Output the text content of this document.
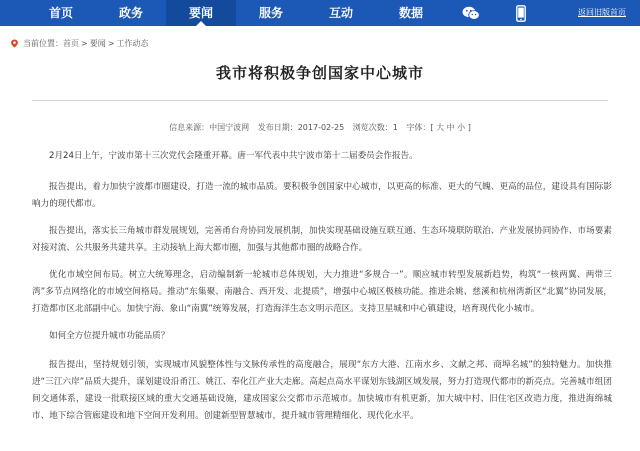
首页	政务	要闻	服务	互动	数据	返回旧版首页
当前位置： 首页 > 要闻 > 工作动态
我市将积极争创国家中心城市
信息来源：中国宁波网 发布日期：2017-02-25 浏览次数：1 字体：[ 大 中 小 ]

2月24日上午，宁波市第十三次党代会隆重开幕。唐一军代表中共宁波市第十二届委员会作报告。

报告提出，着力加快宁波都市圈建设，打造一流的城市品质。要积极争创国家中心城市，以更高的标准、更大的气魄、更高的品位，建设具有国际影响力的现代都市。

报告提出，落实长三角城市群发展规划，完善甬台舟协同发展机制，加快实现基础设施互联互通、生态环境联防联治、产业发展协同协作、市场要素对接对流、公共服务共建共享。主动接轨上海大都市圈，加强与其他都市圈的战略合作。

优化市域空间布局。树立大统筹理念，启动编制新一轮城市总体规划，大力推进“多规合一”。顺应城市转型发展新趋势，构筑“一核两翼、两带三湾”多节点网络化的市域空间格局。推动“东集聚、南融合、西开发、北提质”，增强中心城区极核功能。推进余姚、慈溪和杭州湾新区“北翼”协同发展，打造都市区北部副中心。加快宁海、象山“南翼”统筹发展，打造海洋生态文明示范区。支持卫星城和中心镇建设，培育现代化小城市。

如何全方位提升城市功能品质？

报告提出，坚持规划引领，实现城市风貌整体性与文脉传承性的高度融合，展现“东方大港、江南水乡、文献之邦、商埠名城”的独特魅力。加快推进“三江六岸”品质大提升，谋划建设沿甬江、姚江、奉化江产业大走廊。高起点高水平谋划东钱湖区域发展，努力打造现代都市的新亮点。完善城市组团间交通体系，建设一批联接区域的重大交通基础设施，建成国家公交都市示范城市。加快城市有机更新，加大城中村、旧住宅区改造力度，推进海绵城市、地下综合管廊建设和地下空间开发利用。创建新型智慧城市，提升城市管理精细化、现代化水平。
